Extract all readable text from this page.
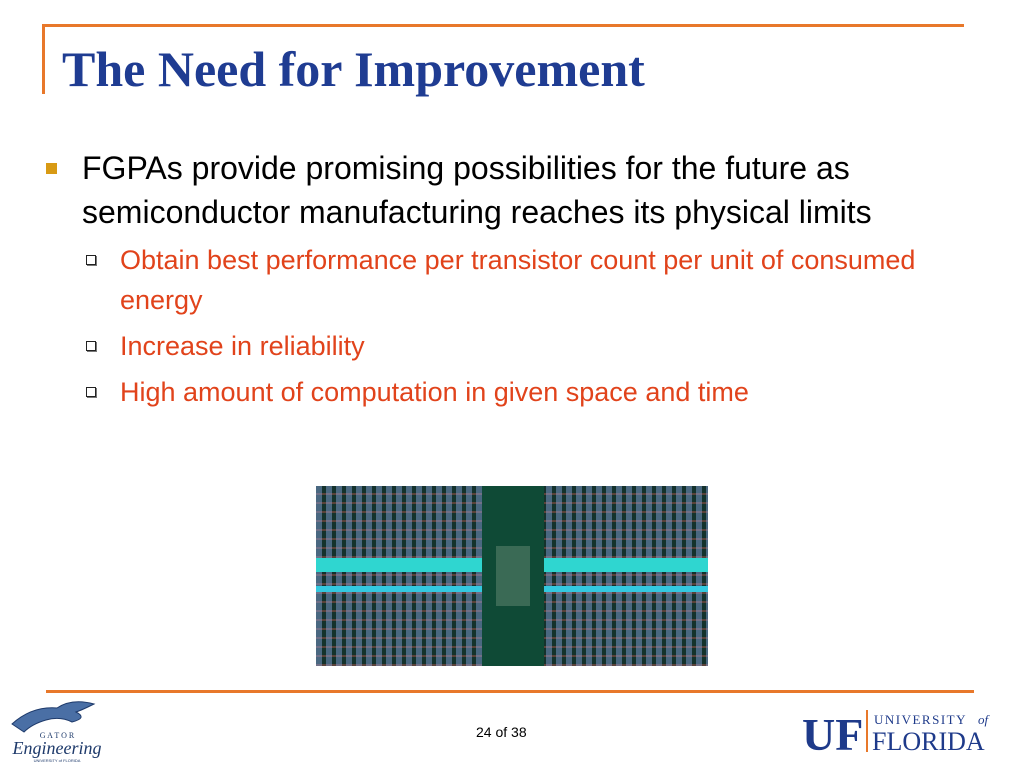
The Need for Improvement
FGPAs provide promising possibilities for the future as semiconductor manufacturing reaches its physical limits
Obtain best performance per transistor count per unit of consumed energy
Increase in reliability
High amount of computation in given space and time
G A T O R
Engineering
UNIVERSITY of FLORIDA
24 of 38	UF UNIVERSITY of
FLORIDA
